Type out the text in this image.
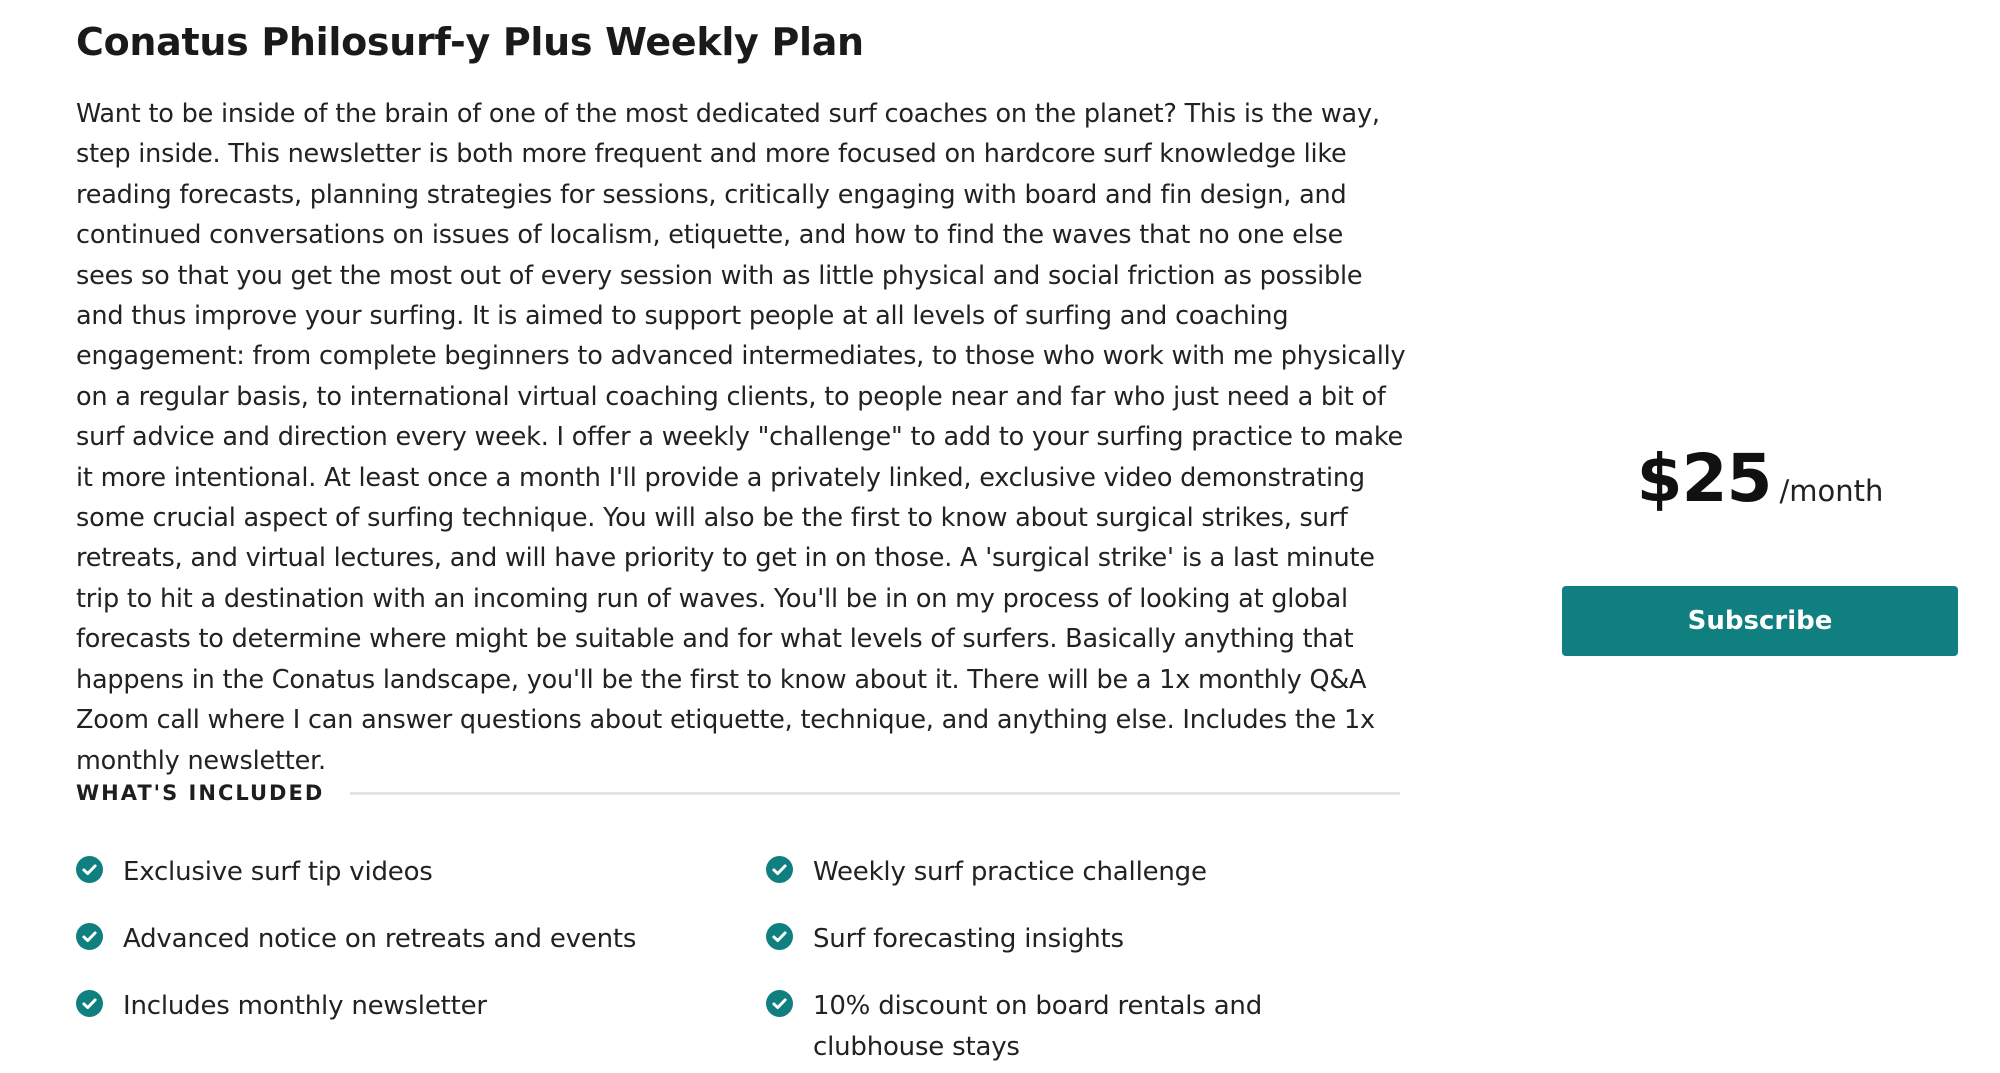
Conatus Philosurf-y Plus Weekly Plan

Want to be inside of the brain of one of the most dedicated surf coaches on the planet? This is the way, step inside. This newsletter is both more frequent and more focused on hardcore surf knowledge like reading forecasts, planning strategies for sessions, critically engaging with board and fin design, and continued conversations on issues of localism, etiquette, and how to find the waves that no one else sees so that you get the most out of every session with as little physical and social friction as possible and thus improve your surfing. It is aimed to support people at all levels of surfing and coaching engagement: from complete beginners to advanced intermediates, to those who work with me physically on a regular basis, to international virtual coaching clients, to people near and far who just need a bit of surf advice and direction every week. I offer a weekly "challenge" to add to your surfing practice to make it more intentional. At least once a month I'll provide a privately linked, exclusive video demonstrating some crucial aspect of surfing technique. You will also be the first to know about surgical strikes, surf retreats, and virtual lectures, and will have priority to get in on those. A 'surgical strike' is a last minute trip to hit a destination with an incoming run of waves. You'll be in on my process of looking at global forecasts to determine where might be suitable and for what levels of surfers. Basically anything that happens in the Conatus landscape, you'll be the first to know about it. There will be a 1x monthly Q&A Zoom call where I can answer questions about etiquette, technique, and anything else. Includes the 1x monthly newsletter.

WHAT'S INCLUDED
Exclusive surf tip videos	Weekly surf practice challenge
Advanced notice on retreats and events	Surf forecasting insights
Includes monthly newsletter	10% discount on board rentals and clubhouse stays
$25 /month
Subscribe
